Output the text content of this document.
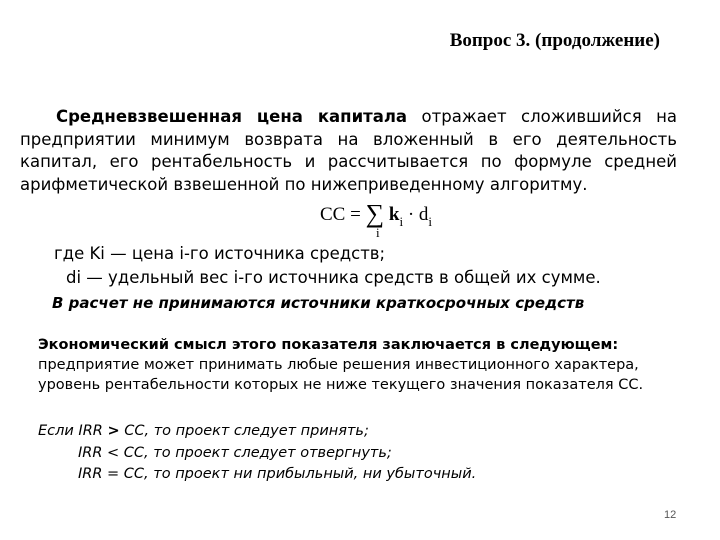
Вопрос 3. (продолжение)
Средневзвешенная цена капитала отражает сложившийся на предприятии минимум возврата на вложенный в его деятельность капитал, его рентабельность и рассчитывается по формуле средней арифметической взвешенной по нижеприведенному алгоритму.
CC = ∑ $k_i \cdot d_i$
i
где Ki — цена i-го источника средств;
di — удельный вес i-го источника средств в общей их сумме.
В расчет не принимаются источники краткосрочных средств
Экономический смысл этого показателя заключается в следующем:
предприятие может принимать любые решения инвестиционного характера, уровень рентабельности которых не ниже текущего значения показателя СС.
Если IRR > СС, то проект следует принять;
IRR < СС, то проект следует отвергнуть;
IRR = СС, то проект ни прибыльный, ни убыточный.
12
